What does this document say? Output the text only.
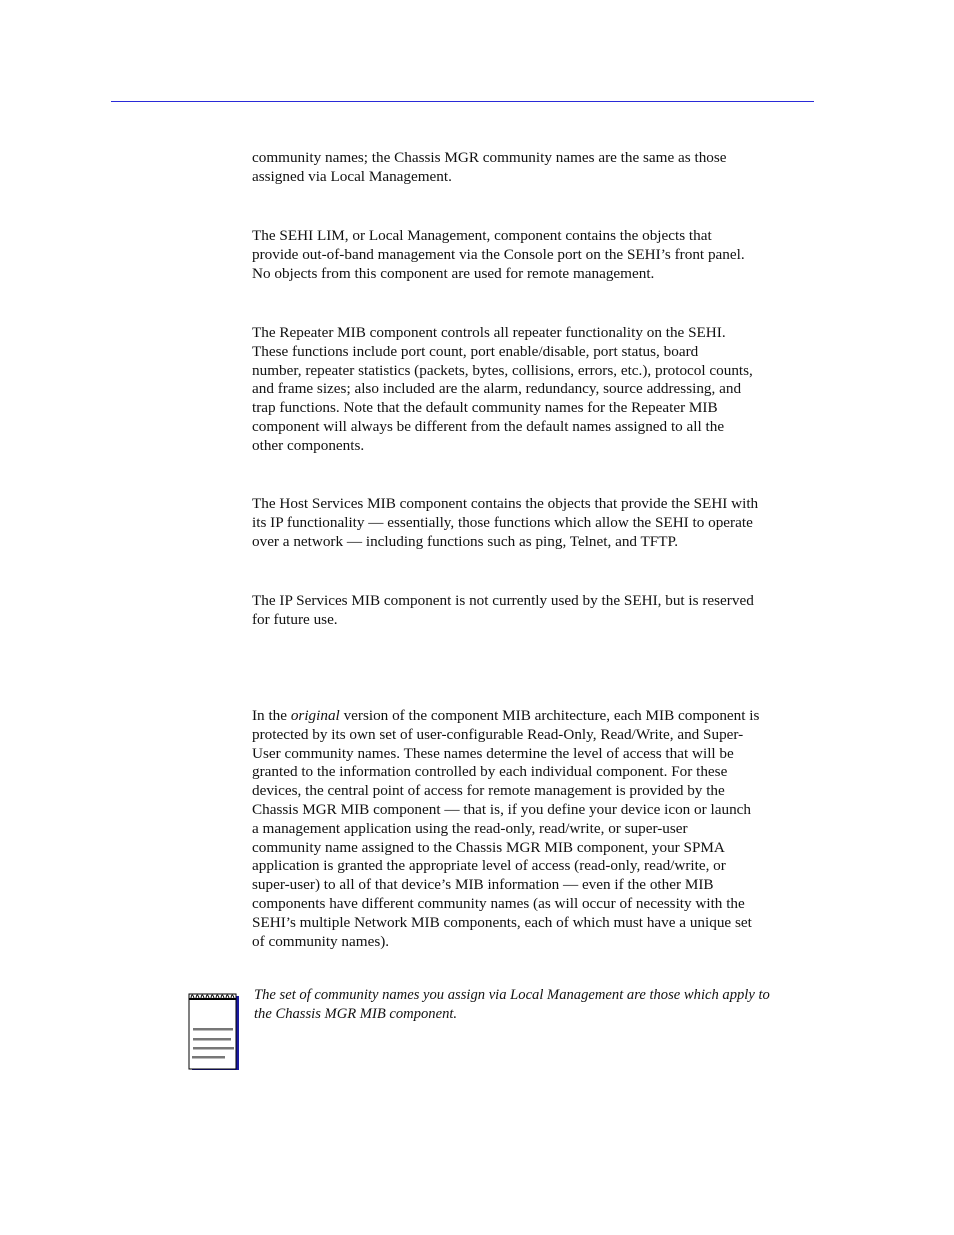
community names; the Chassis MGR community names are the same as those
assigned via Local Management.
The SEHI LIM, or Local Management, component contains the objects that
provide out-of-band management via the Console port on the SEHI’s front panel.
No objects from this component are used for remote management.
The Repeater MIB component controls all repeater functionality on the SEHI.
These functions include port count, port enable/disable, port status, board
number, repeater statistics (packets, bytes, collisions, errors, etc.), protocol counts,
and frame sizes; also included are the alarm, redundancy, source addressing, and
trap functions. Note that the default community names for the Repeater MIB
component will always be different from the default names assigned to all the
other components.
The Host Services MIB component contains the objects that provide the SEHI with
its IP functionality — essentially, those functions which allow the SEHI to operate
over a network — including functions such as ping, Telnet, and TFTP.
The IP Services MIB component is not currently used by the SEHI, but is reserved
for future use.
In the original version of the component MIB architecture, each MIB component is
protected by its own set of user-configurable Read-Only, Read/Write, and Super-
User community names. These names determine the level of access that will be
granted to the information controlled by each individual component. For these
devices, the central point of access for remote management is provided by the
Chassis MGR MIB component — that is, if you define your device icon or launch
a management application using the read-only, read/write, or super-user
community name assigned to the Chassis MGR MIB component, your SPMA
application is granted the appropriate level of access (read-only, read/write, or
super-user) to all of that device’s MIB information — even if the other MIB
components have different community names (as will occur of necessity with the
SEHI’s multiple Network MIB components, each of which must have a unique set
of community names).
The set of community names you assign via Local Management are those which apply to
the Chassis MGR MIB component.
